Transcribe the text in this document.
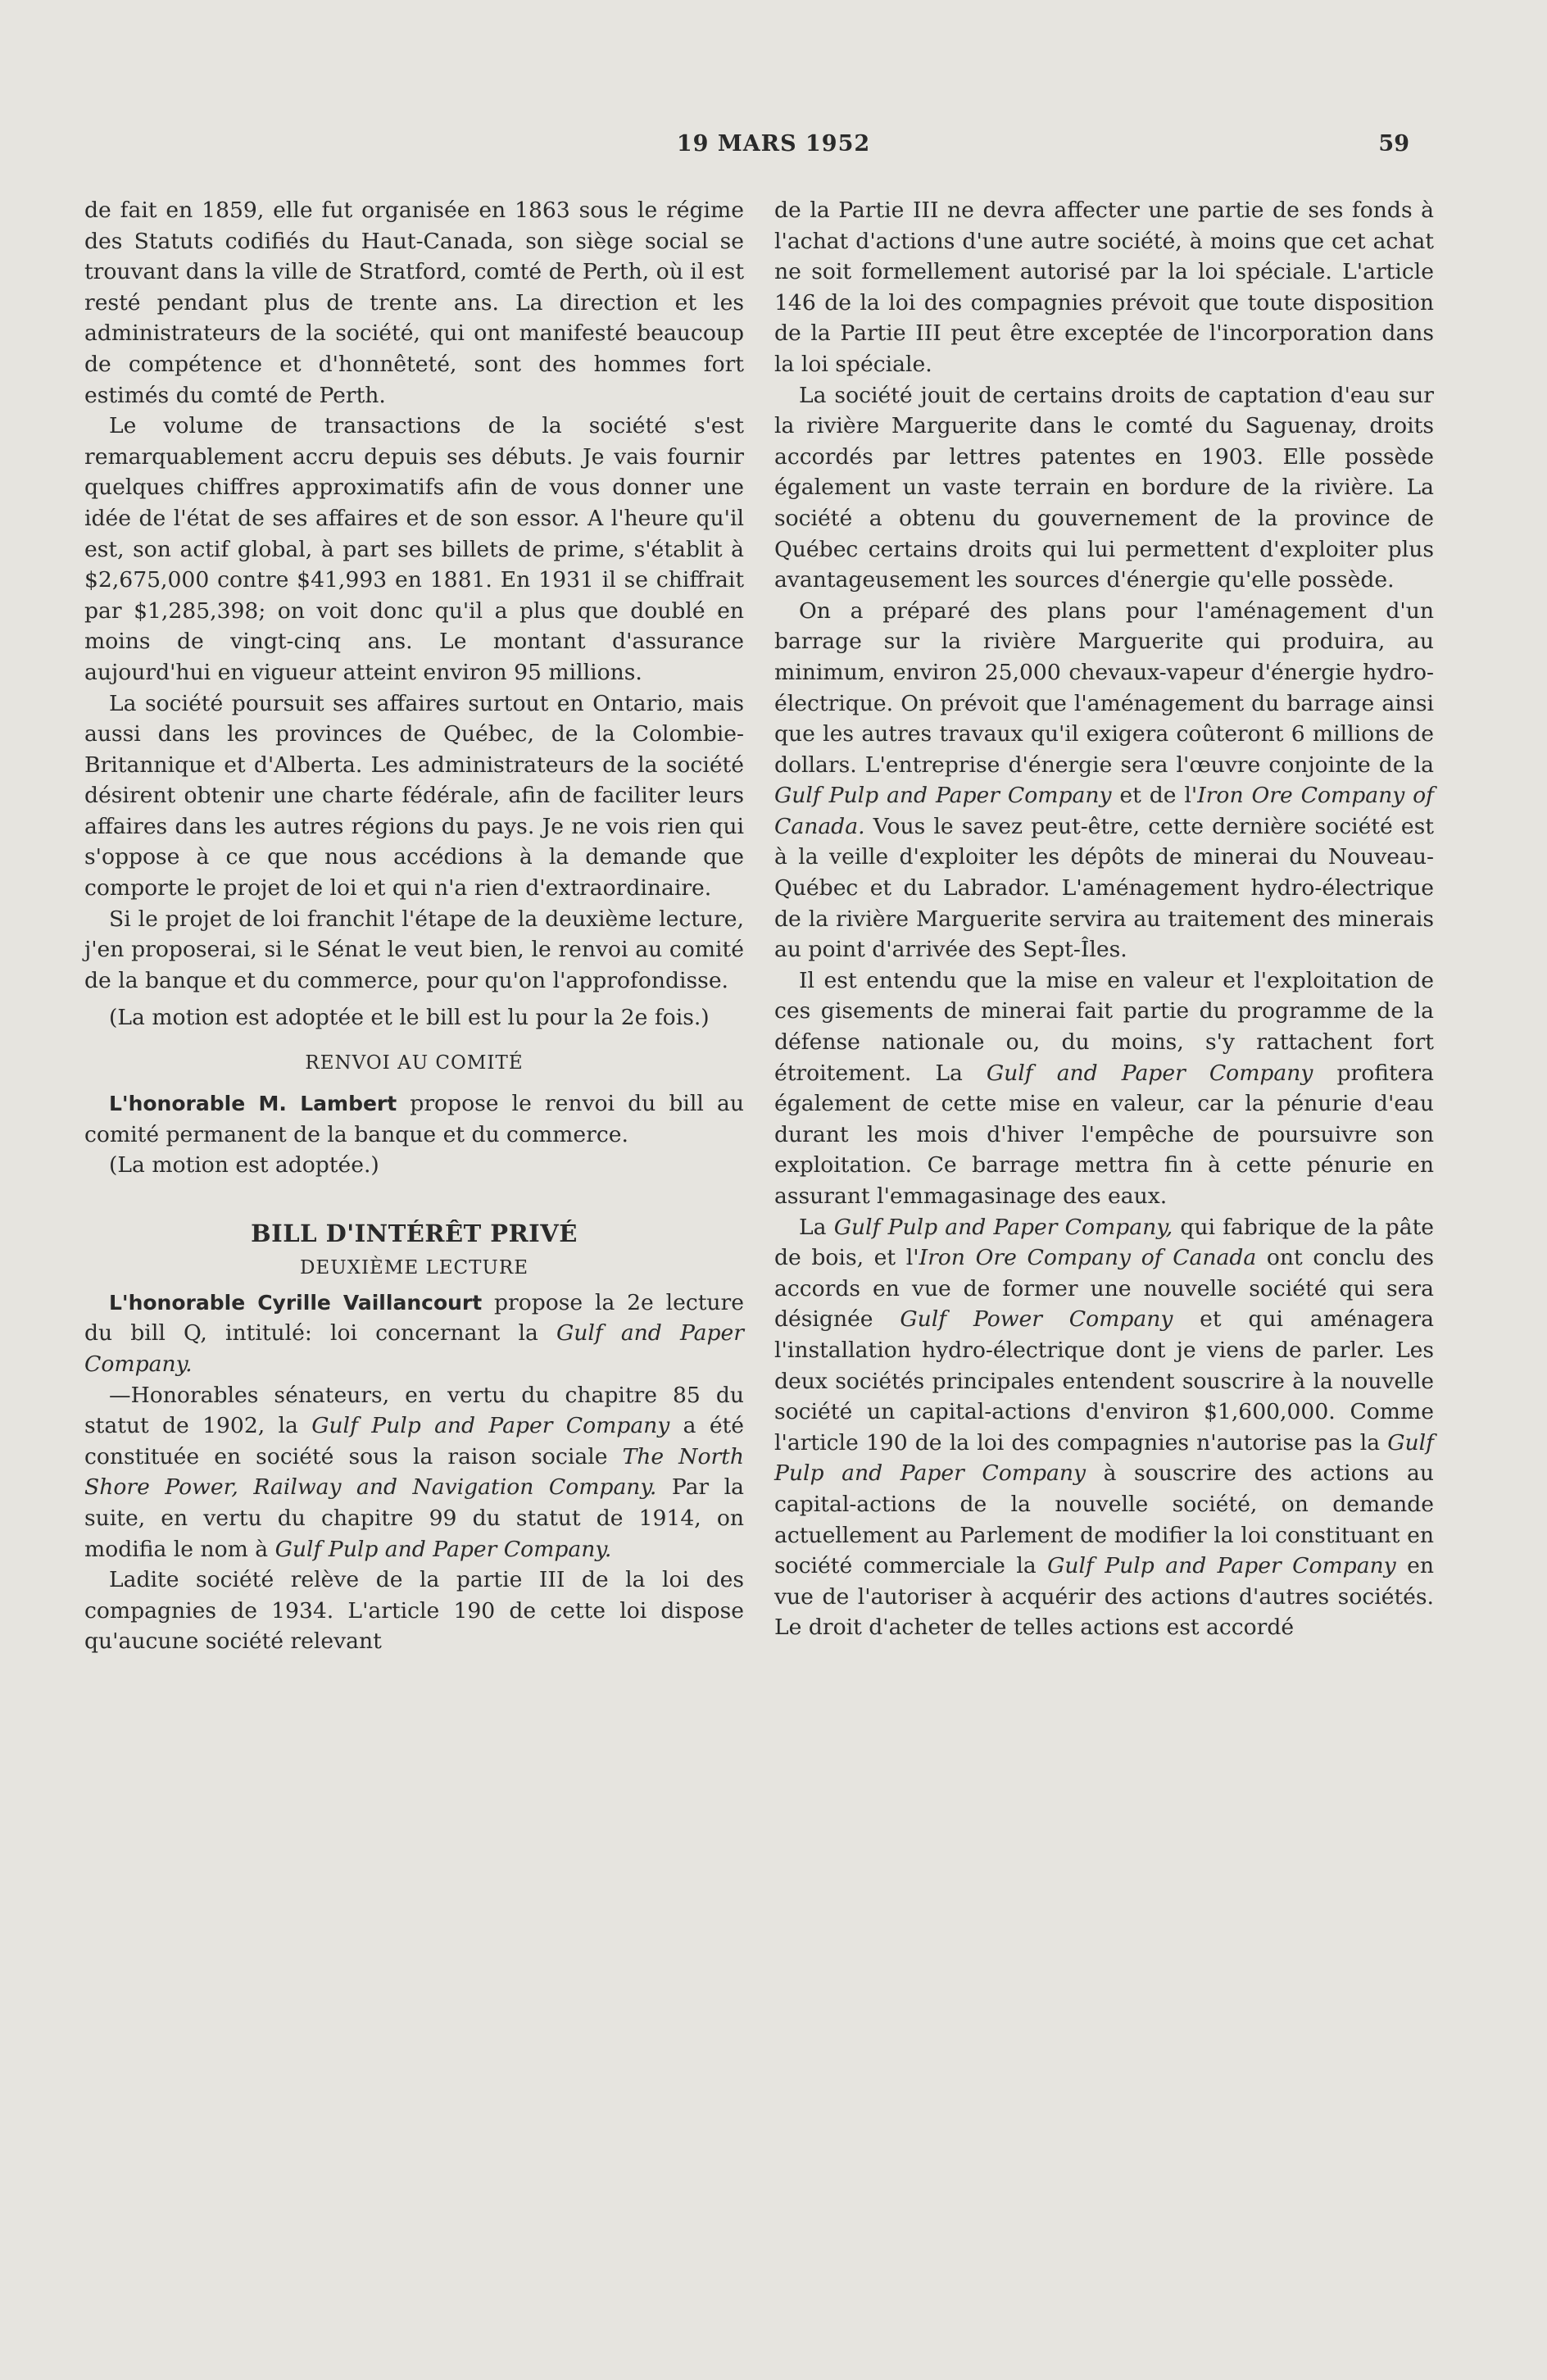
19 MARS 1952	59

de fait en 1859, elle fut organisée en 1863 sous le régime des Statuts codifiés du Haut-Canada, son siège social se trouvant dans la ville de Stratford, comté de Perth, où il est resté pendant plus de trente ans. La direction et les administrateurs de la société, qui ont manifesté beaucoup de compétence et d'honnêteté, sont des hommes fort estimés du comté de Perth.

Le volume de transactions de la société s'est remarquablement accru depuis ses débuts. Je vais fournir quelques chiffres approximatifs afin de vous donner une idée de l'état de ses affaires et de son essor. A l'heure qu'il est, son actif global, à part ses billets de prime, s'établit à $2,675,000 contre $41,993 en 1881. En 1931 il se chiffrait par $1,285,398; on voit donc qu'il a plus que doublé en moins de vingt-cinq ans. Le montant d'assurance aujourd'hui en vigueur atteint environ 95 millions.

La société poursuit ses affaires surtout en Ontario, mais aussi dans les provinces de Québec, de la Colombie-Britannique et d'Alberta. Les administrateurs de la société désirent obtenir une charte fédérale, afin de faciliter leurs affaires dans les autres régions du pays. Je ne vois rien qui s'oppose à ce que nous accédions à la demande que comporte le projet de loi et qui n'a rien d'extraordinaire.

Si le projet de loi franchit l'étape de la deuxième lecture, j'en proposerai, si le Sénat le veut bien, le renvoi au comité de la banque et du commerce, pour qu'on l'approfondisse.

(La motion est adoptée et le bill est lu pour la 2e fois.)

RENVOI AU COMITÉ

L'honorable M. Lambert propose le renvoi du bill au comité permanent de la banque et du commerce.

(La motion est adoptée.)

BILL D'INTÉRÊT PRIVÉ
DEUXIÈME LECTURE

L'honorable Cyrille Vaillancourt propose la 2e lecture du bill Q, intitulé: loi concernant la Gulf and Paper Company.

—Honorables sénateurs, en vertu du chapitre 85 du statut de 1902, la Gulf Pulp and Paper Company a été constituée en société sous la raison sociale The North Shore Power, Railway and Navigation Company. Par la suite, en vertu du chapitre 99 du statut de 1914, on modifia le nom à Gulf Pulp and Paper Company.

Ladite société relève de la partie III de la loi des compagnies de 1934. L'article 190 de cette loi dispose qu'aucune société relevant

de la Partie III ne devra affecter une partie de ses fonds à l'achat d'actions d'une autre société, à moins que cet achat ne soit formellement autorisé par la loi spéciale. L'article 146 de la loi des compagnies prévoit que toute disposition de la Partie III peut être exceptée de l'incorporation dans la loi spéciale.

La société jouit de certains droits de captation d'eau sur la rivière Marguerite dans le comté du Saguenay, droits accordés par lettres patentes en 1903. Elle possède également un vaste terrain en bordure de la rivière. La société a obtenu du gouvernement de la province de Québec certains droits qui lui permettent d'exploiter plus avantageusement les sources d'énergie qu'elle possède.

On a préparé des plans pour l'aménagement d'un barrage sur la rivière Marguerite qui produira, au minimum, environ 25,000 chevaux-vapeur d'énergie hydro-électrique. On prévoit que l'aménagement du barrage ainsi que les autres travaux qu'il exigera coûteront 6 millions de dollars. L'entreprise d'énergie sera l'œuvre conjointe de la Gulf Pulp and Paper Company et de l'Iron Ore Company of Canada. Vous le savez peut-être, cette dernière société est à la veille d'exploiter les dépôts de minerai du Nouveau-Québec et du Labrador. L'aménagement hydro-électrique de la rivière Marguerite servira au traitement des minerais au point d'arrivée des Sept-Îles.

Il est entendu que la mise en valeur et l'exploitation de ces gisements de minerai fait partie du programme de la défense nationale ou, du moins, s'y rattachent fort étroitement. La Gulf and Paper Company profitera également de cette mise en valeur, car la pénurie d'eau durant les mois d'hiver l'empêche de poursuivre son exploitation. Ce barrage mettra fin à cette pénurie en assurant l'emmagasinage des eaux.

La Gulf Pulp and Paper Company, qui fabrique de la pâte de bois, et l'Iron Ore Company of Canada ont conclu des accords en vue de former une nouvelle société qui sera désignée Gulf Power Company et qui aménagera l'installation hydro-électrique dont je viens de parler. Les deux sociétés principales entendent souscrire à la nouvelle société un capital-actions d'environ $1,600,000. Comme l'article 190 de la loi des compagnies n'autorise pas la Gulf Pulp and Paper Company à souscrire des actions au capital-actions de la nouvelle société, on demande actuellement au Parlement de modifier la loi constituant en société commerciale la Gulf Pulp and Paper Company en vue de l'autoriser à acquérir des actions d'autres sociétés. Le droit d'acheter de telles actions est accordé
